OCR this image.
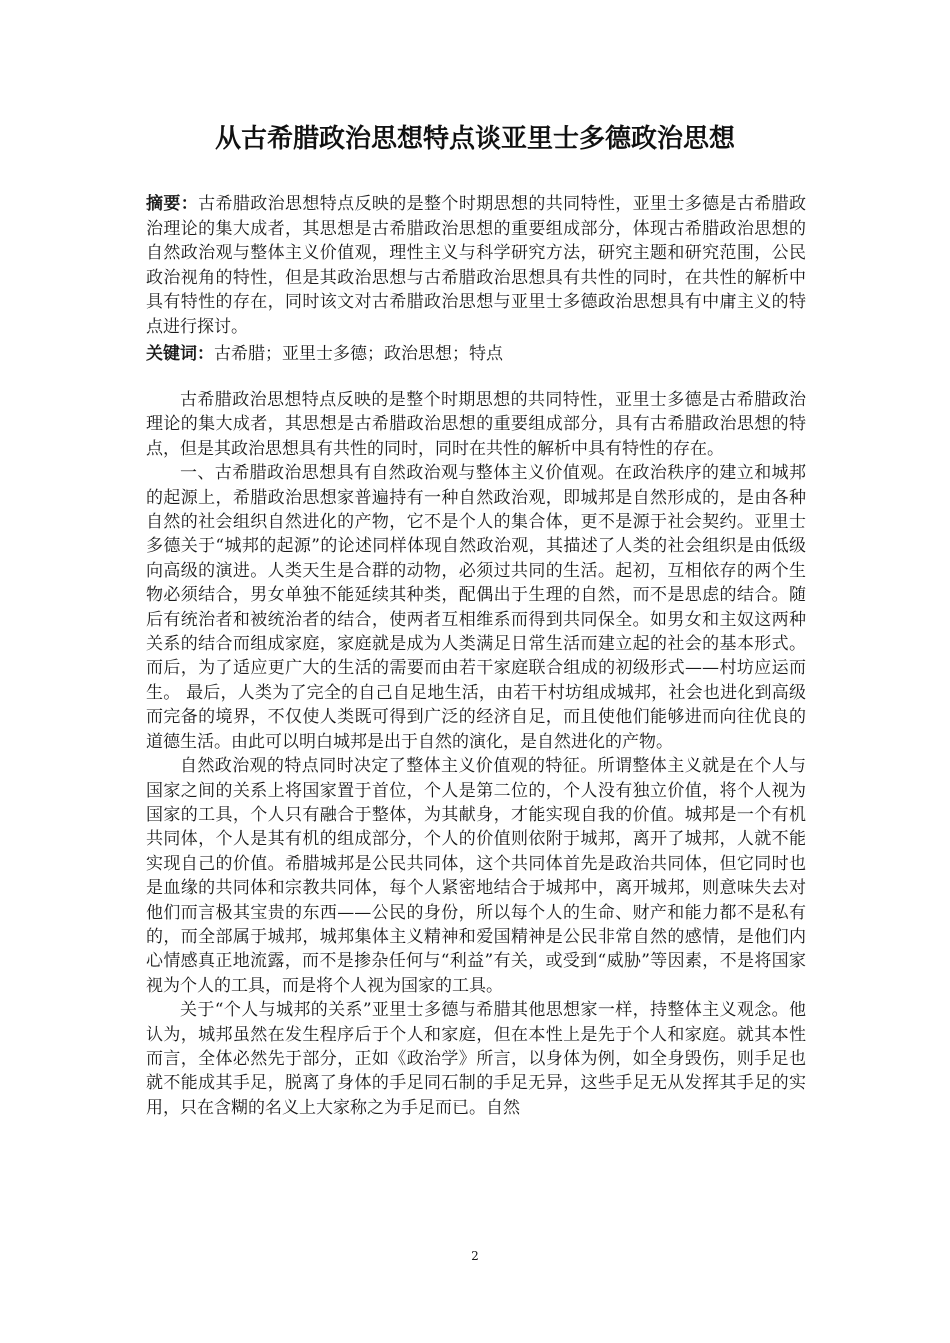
从古希腊政治思想特点谈亚里士多德政治思想

摘要：古希腊政治思想特点反映的是整个时期思想的共同特性，亚里士多德是古希腊政治理论的集大成者，其思想是古希腊政治思想的重要组成部分，体现古希腊政治思想的自然政治观与整体主义价值观，理性主义与科学研究方法，研究主题和研究范围，公民政治视角的特性，但是其政治思想与古希腊政治思想具有共性的同时，在共性的解析中具有特性的存在，同时该文对古希腊政治思想与亚里士多德政治思想具有中庸主义的特点进行探讨。

关键词：古希腊；亚里士多德；政治思想；特点

古希腊政治思想特点反映的是整个时期思想的共同特性，亚里士多德是古希腊政治理论的集大成者，其思想是古希腊政治思想的重要组成部分，具有古希腊政治思想的特点，但是其政治思想具有共性的同时，同时在共性的解析中具有特性的存在。

一、古希腊政治思想具有自然政治观与整体主义价值观。在政治秩序的建立和城邦的起源上，希腊政治思想家普遍持有一种自然政治观，即城邦是自然形成的，是由各种自然的社会组织自然进化的产物，它不是个人的集合体，更不是源于社会契约。亚里士多德关于“城邦的起源”的论述同样体现自然政治观，其描述了人类的社会组织是由低级向高级的演进。人类天生是合群的动物，必须过共同的生活。起初，互相依存的两个生物必须结合，男女单独不能延续其种类，配偶出于生理的自然，而不是思虑的结合。随后有统治者和被统治者的结合，使两者互相维系而得到共同保全。如男女和主奴这两种关系的结合而组成家庭，家庭就是成为人类满足日常生活而建立起的社会的基本形式。而后，为了适应更广大的生活的需要而由若干家庭联合组成的初级形式——村坊应运而生。 最后，人类为了完全的自己自足地生活，由若干村坊组成城邦，社会也进化到高级而完备的境界，不仅使人类既可得到广泛的经济自足，而且使他们能够进而向往优良的道德生活。由此可以明白城邦是出于自然的演化，是自然进化的产物。

自然政治观的特点同时决定了整体主义价值观的特征。所谓整体主义就是在个人与国家之间的关系上将国家置于首位，个人是第二位的，个人没有独立价值，将个人视为国家的工具，个人只有融合于整体，为其献身，才能实现自我的价值。城邦是一个有机共同体，个人是其有机的组成部分，个人的价值则依附于城邦，离开了城邦，人就不能实现自己的价值。希腊城邦是公民共同体，这个共同体首先是政治共同体，但它同时也是血缘的共同体和宗教共同体，每个人紧密地结合于城邦中，离开城邦，则意味失去对他们而言极其宝贵的东西——公民的身份，所以每个人的生命、财产和能力都不是私有的，而全部属于城邦，城邦集体主义精神和爱国精神是公民非常自然的感情，是他们内心情感真正地流露，而不是掺杂任何与“利益”有关，或受到“威胁”等因素，不是将国家视为个人的工具，而是将个人视为国家的工具。

关于“个人与城邦的关系”亚里士多德与希腊其他思想家一样，持整体主义观念。他认为，城邦虽然在发生程序后于个人和家庭，但在本性上是先于个人和家庭。就其本性而言，全体必然先于部分，正如《政治学》所言，以身体为例，如全身毁伤，则手足也就不能成其手足，脱离了身体的手足同石制的手足无异，这些手足无从发挥其手足的实用，只在含糊的名义上大家称之为手足而已。自然

2
